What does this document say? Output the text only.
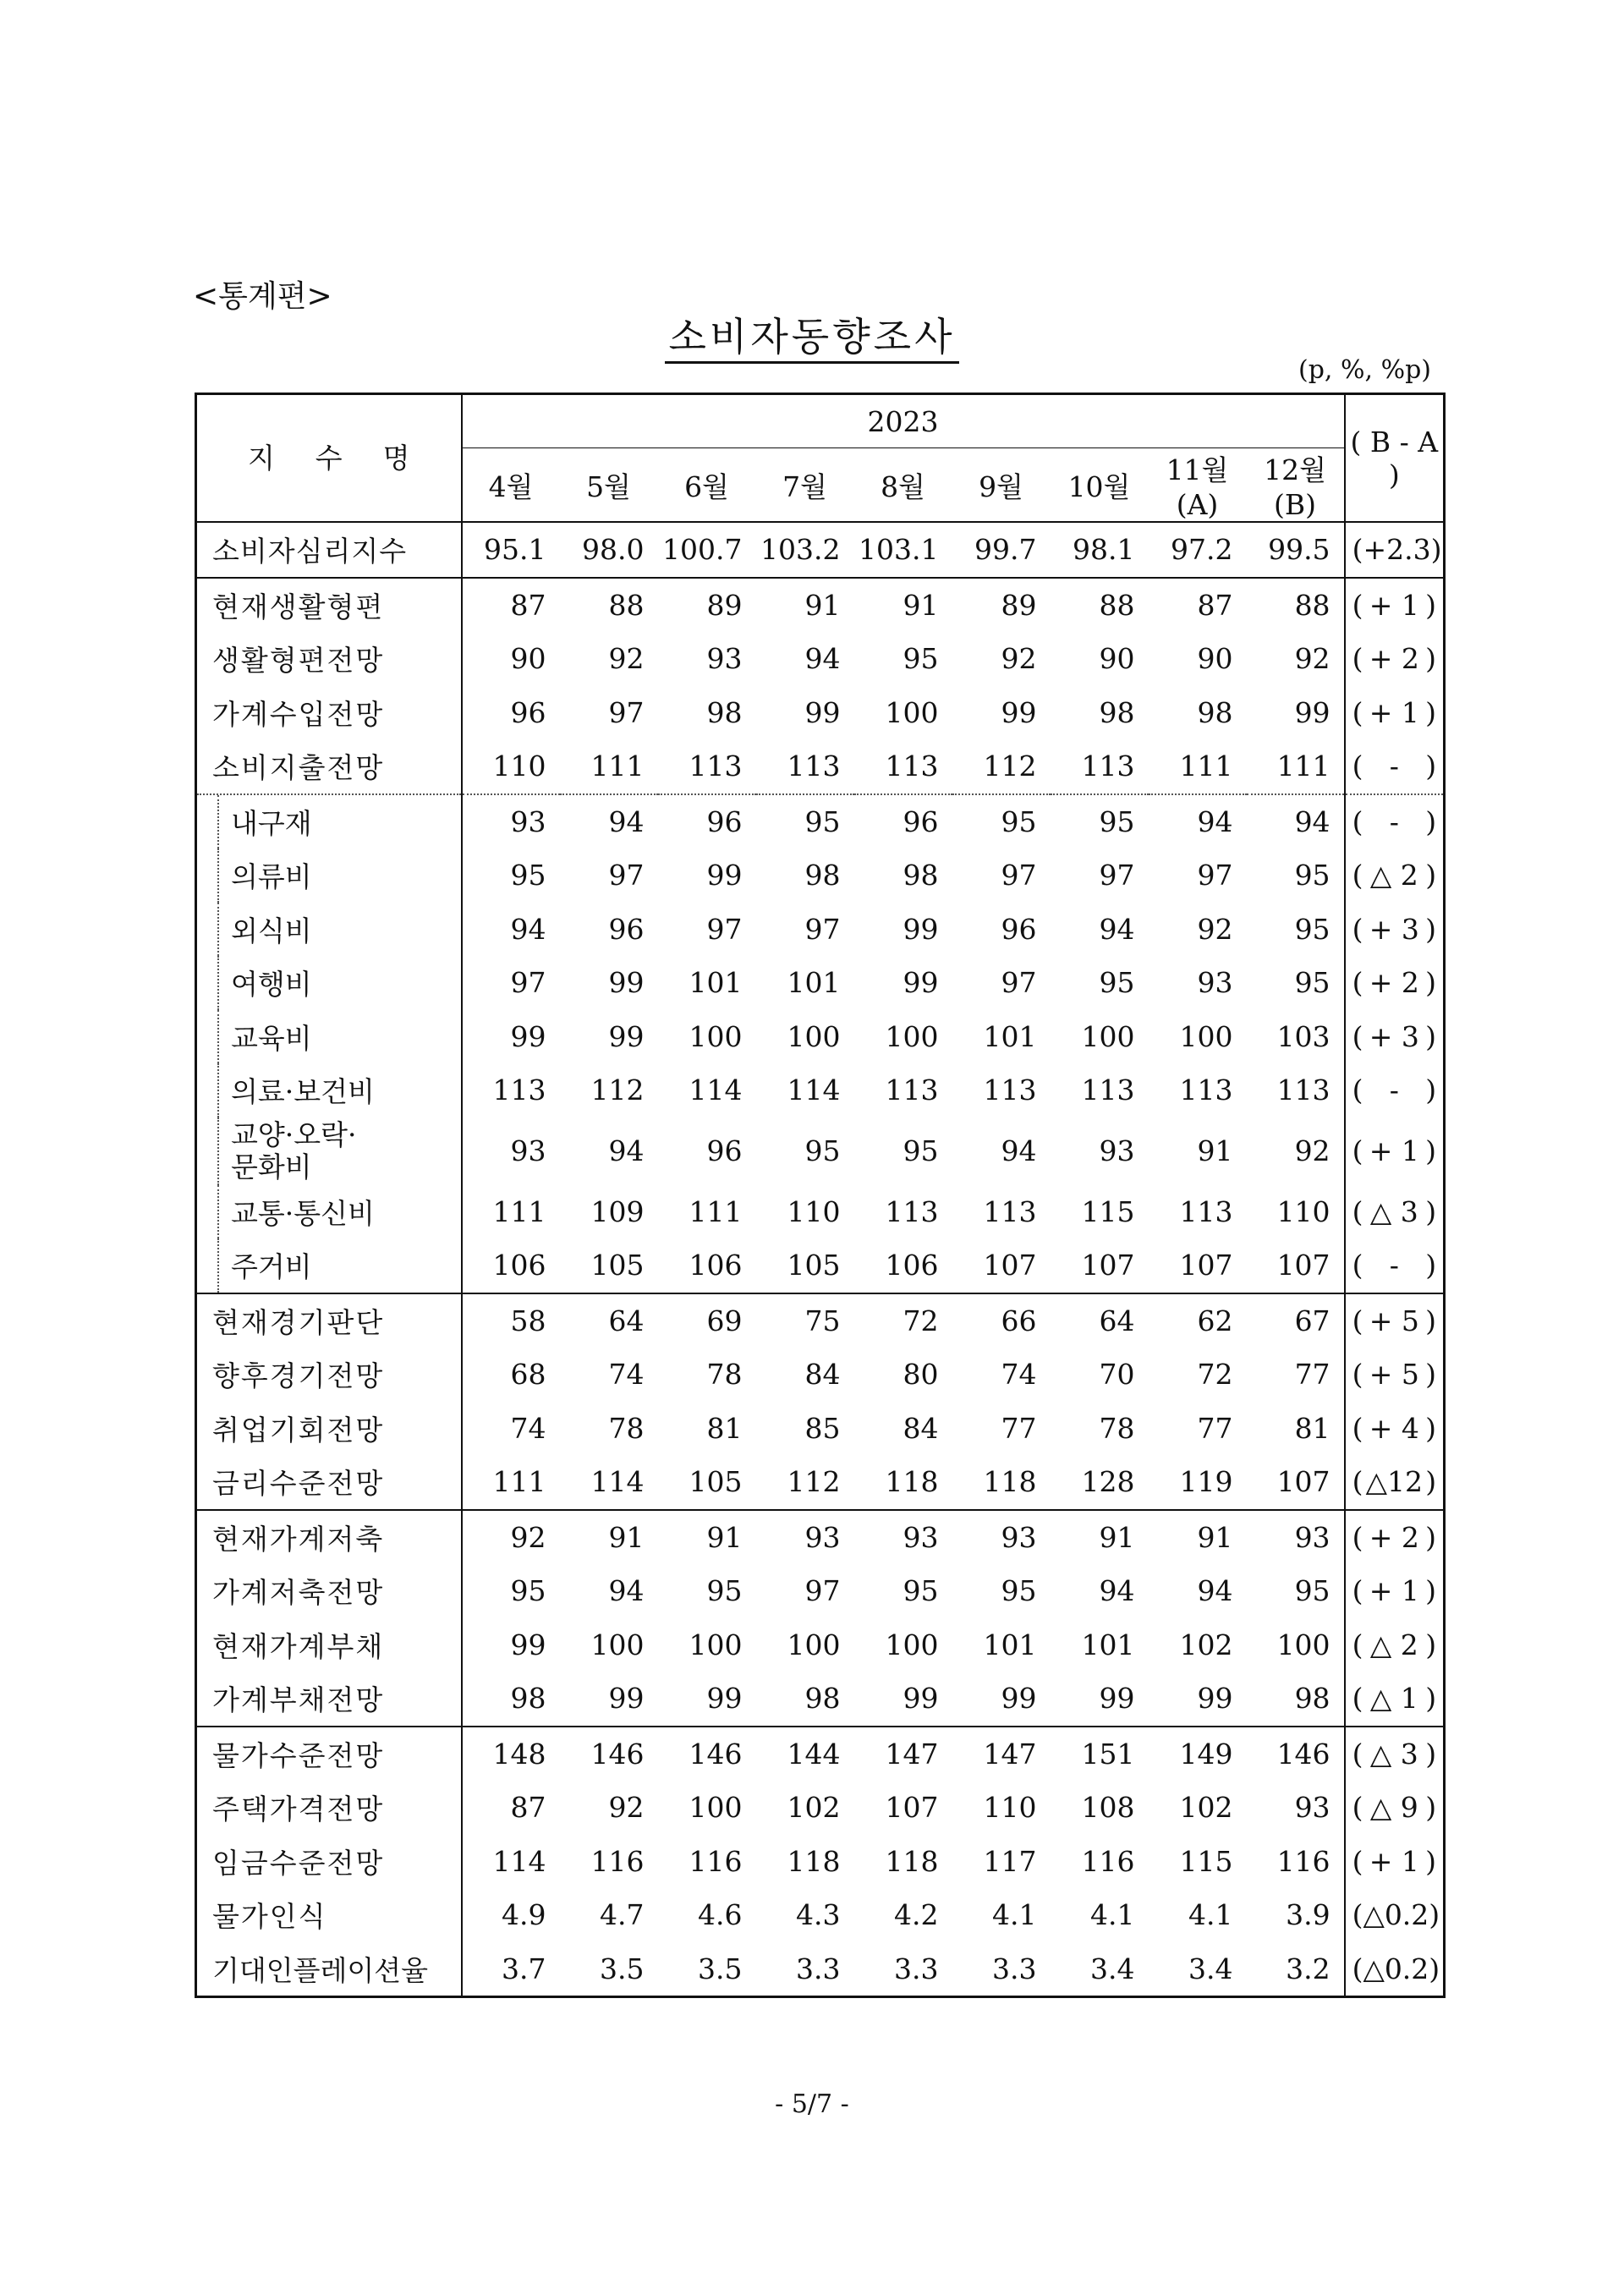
<통계편>
소비자동향조사
(p, %, %p)
지 수 명	2023									( B - A )
	4월	5월	6월	7월	8월	9월	10월	11월(A)	12월(B)	
소비자심리지수	95.1	98.0	100.7	103.2	103.1	99.7	98.1	97.2	99.5	( +2.3 )

현재생활형편	87	88	89	91	91	89	88	87	88	( + 1 )

생활형편전망	90	92	93	94	95	92	90	90	92	( + 2 )

가계수입전망	96	97	98	99	100	99	98	98	99	( + 1 )

소비지출전망	110	111	113	113	113	112	113	111	111	( - )

내구재	93	94	96	95	96	95	95	94	94	( - )

의류비	95	97	99	98	98	97	97	97	95	( △ 2 )

외식비	94	96	97	97	99	96	94	92	95	( + 3 )

여행비	97	99	101	101	99	97	95	93	95	( + 2 )

교육비	99	99	100	100	100	101	100	100	103	( + 3 )

의료·보건비	113	112	114	114	113	113	113	113	113	( - )

교양·오락·
문화비	93	94	96	95	95	94	93	91	92	( + 1 )

교통·통신비	111	109	111	110	113	113	115	113	110	( △ 3 )

주거비	106	105	106	105	106	107	107	107	107	( - )

현재경기판단	58	64	69	75	72	66	64	62	67	( + 5 )

향후경기전망	68	74	78	84	80	74	70	72	77	( + 5 )

취업기회전망	74	78	81	85	84	77	78	77	81	( + 4 )

금리수준전망	111	114	105	112	118	118	128	119	107	( △12 )

현재가계저축	92	91	91	93	93	93	91	91	93	( + 2 )

가계저축전망	95	94	95	97	95	95	94	94	95	( + 1 )

현재가계부채	99	100	100	100	100	101	101	102	100	( △ 2 )

가계부채전망	98	99	99	98	99	99	99	99	98	( △ 1 )

물가수준전망	148	146	146	144	147	147	151	149	146	( △ 3 )

주택가격전망	87	92	100	102	107	110	108	102	93	( △ 9 )

임금수준전망	114	116	116	118	118	117	116	115	116	( + 1 )

물가인식	4.9	4.7	4.6	4.3	4.2	4.1	4.1	4.1	3.9	( △0.2 )

기대인플레이션율	3.7	3.5	3.5	3.3	3.3	3.3	3.4	3.4	3.2	( △0.2 )
- 5/7 -
